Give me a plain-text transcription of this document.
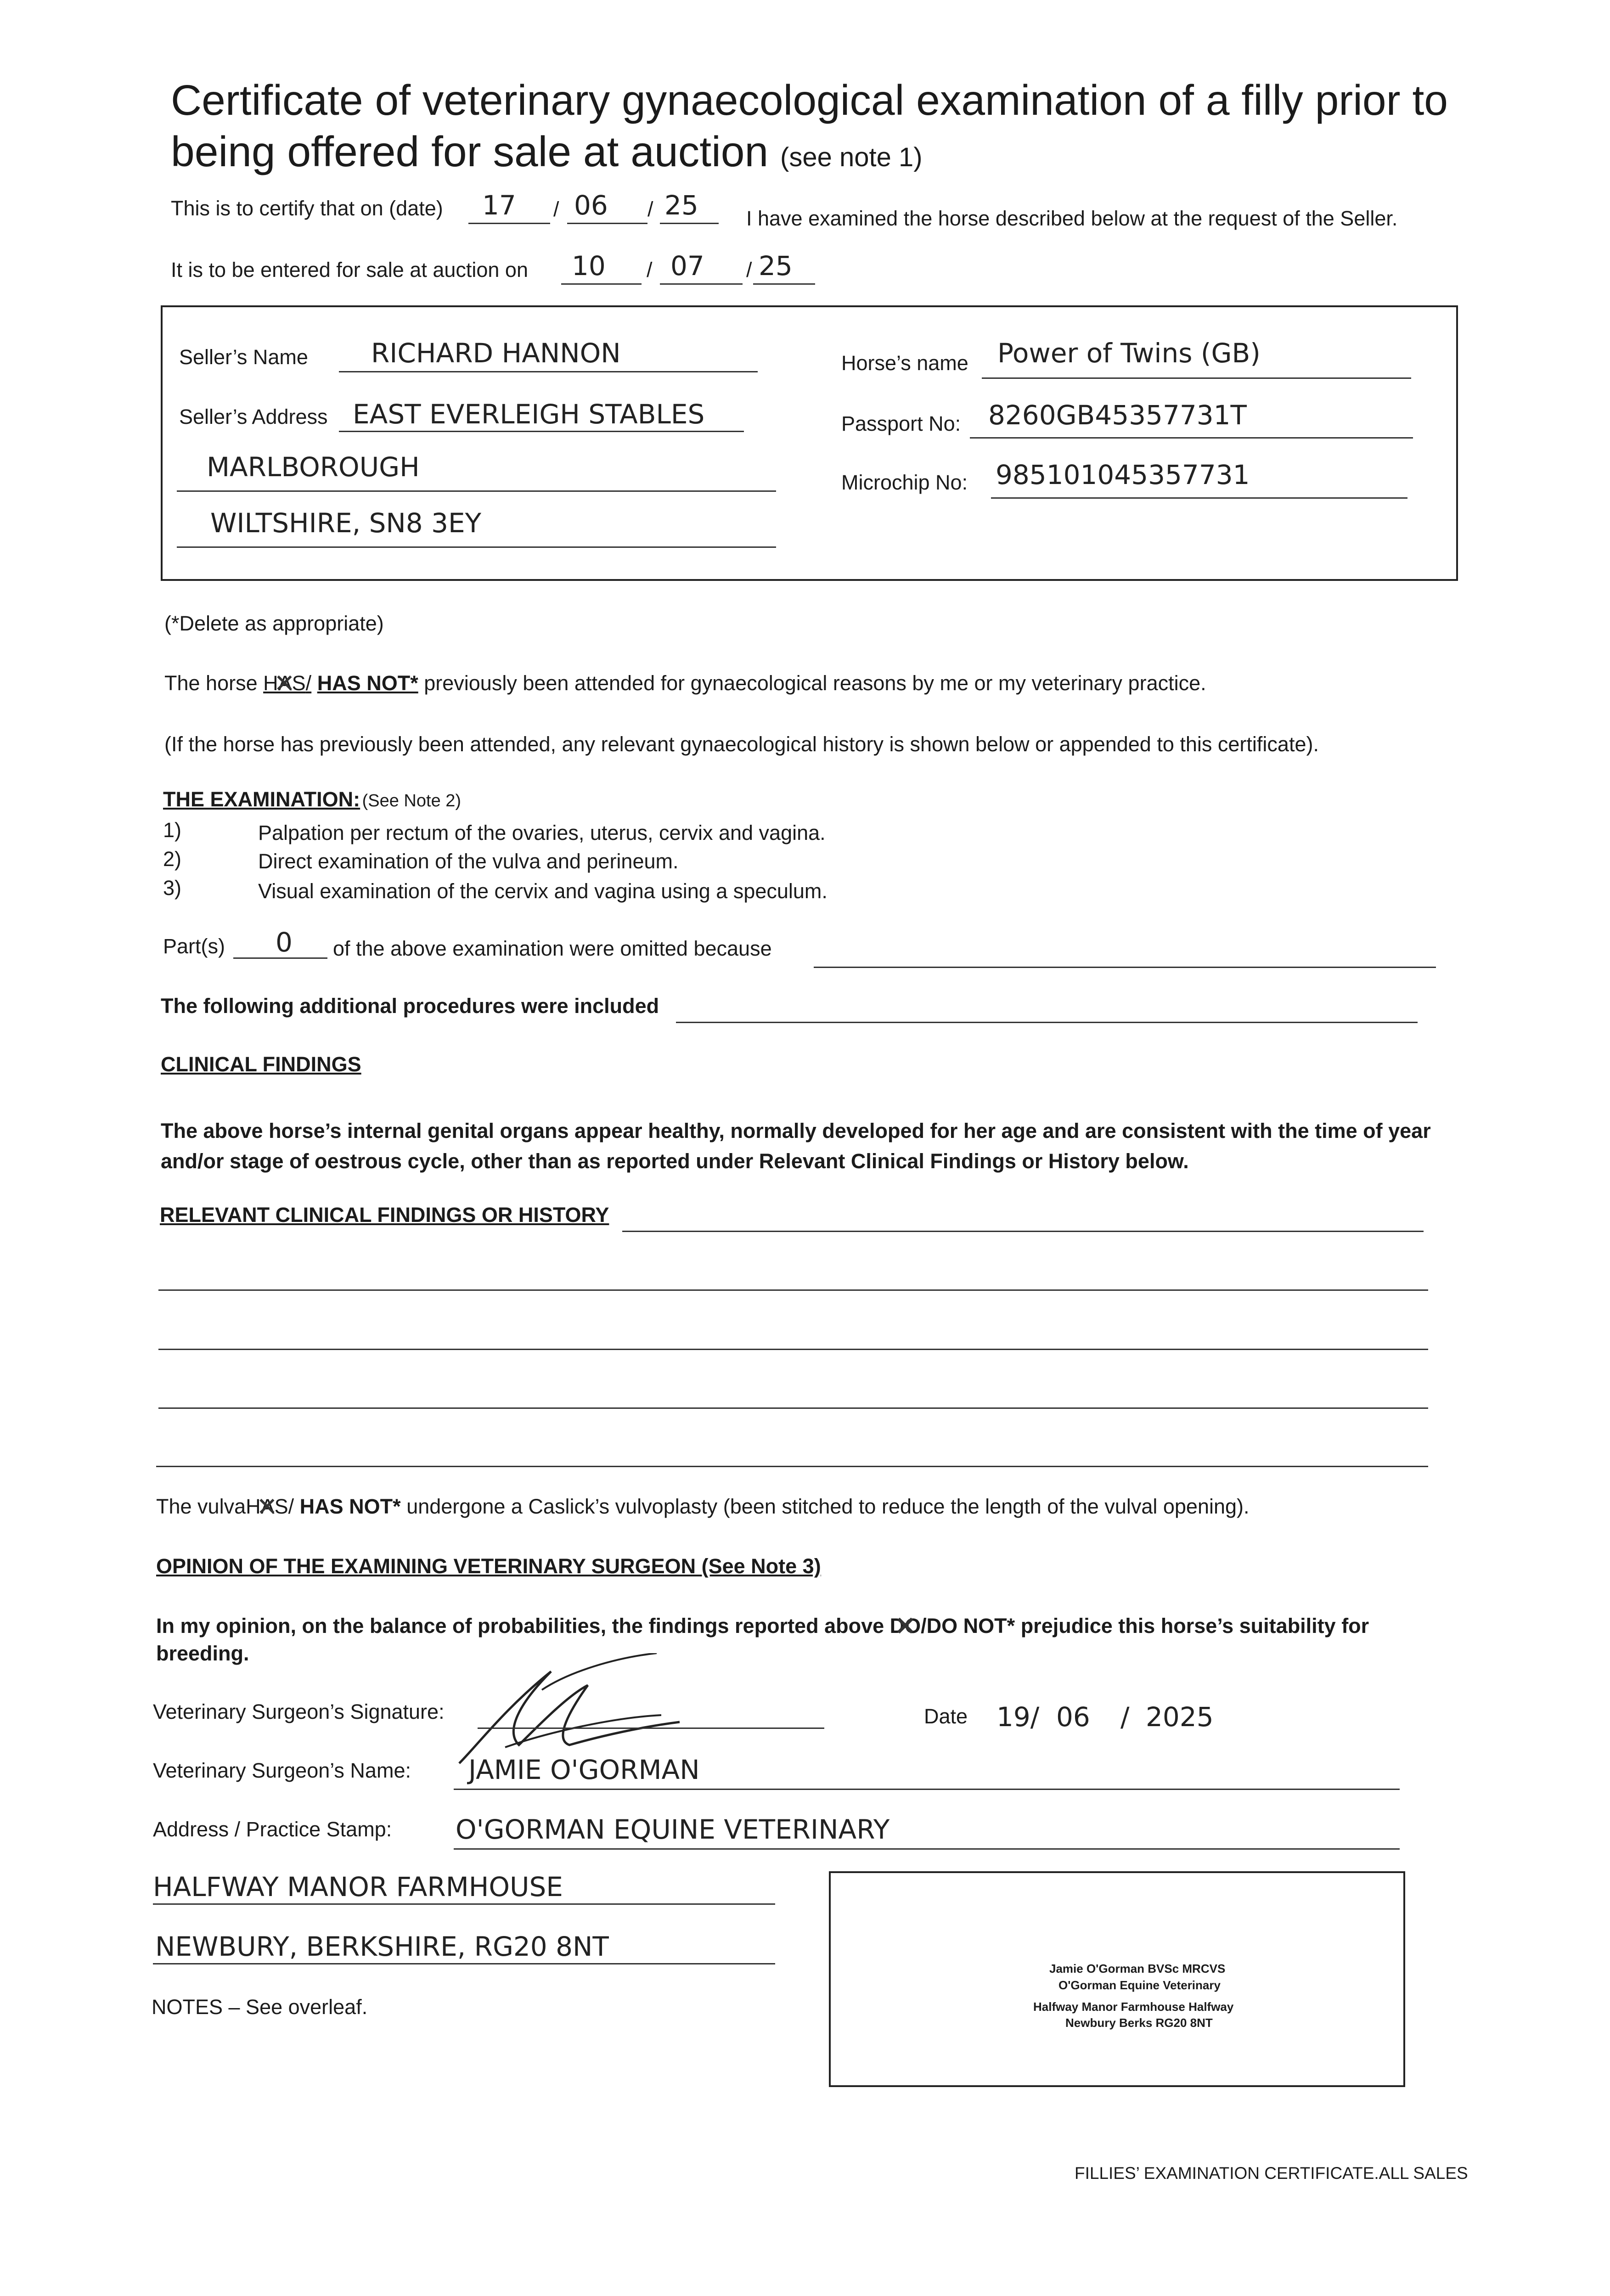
Certificate of veterinary gynaecological examination of a filly prior to
being offered for sale at auction (see note 1)
This is to certify that on (date) 17 / 06 / 25 I have examined the horse described below at the request of the Seller.
It is to be entered for sale at auction on 10 / 07 / 25
Seller’s Name RICHARD HANNON
Seller’s Address EAST EVERLEIGH STABLES
MARLBOROUGH
WILTSHIRE, SN8 3EY
Horse’s name Power of Twins (GB)
Passport No: 8260GB45357731T
Microchip No: 985101045357731
(*Delete as appropriate)
The horse HAS ✕/ HAS NOT* previously been attended for gynaecological reasons by me or my veterinary practice.
(If the horse has previously been attended, any relevant gynaecological history is shown below or appended to this certificate).
THE EXAMINATION: (See Note 2)
1)	Palpation per rectum of the ovaries, uterus, cervix and vagina.
2)	Direct examination of the vulva and perineum.
3)	Visual examination of the cervix and vagina using a speculum.
Part(s) 0 of the above examination were omitted because
The following additional procedures were included
CLINICAL FINDINGS
The above horse’s internal genital organs appear healthy, normally developed for her age and are consistent with the time of year
and/or stage of oestrous cycle, other than as reported under Relevant Clinical Findings or History below.
RELEVANT CLINICAL FINDINGS OR HISTORY
The vulvaHAS ✕/ HAS NOT* undergone a Caslick’s vulvoplasty (been stitched to reduce the length of the vulval opening).
OPINION OF THE EXAMINING VETERINARY SURGEON (See Note 3)
In my opinion, on the balance of probabilities, the findings reported above DO ✕/DO NOT* prejudice this horse’s suitability for
breeding.
Veterinary Surgeon’s Signature:	Date 19/ 06 / 2025
Veterinary Surgeon’s Name: JAMIE O'GORMAN
Address / Practice Stamp: O'GORMAN EQUINE VETERINARY
HALFWAY MANOR FARMHOUSE
NEWBURY, BERKSHIRE, RG20 8NT
Jamie O'Gorman BVSc MRCVS
O'Gorman Equine Veterinary
Halfway Manor Farmhouse Halfway
Newbury Berks RG20 8NT
NOTES – See overleaf.
FILLIES’ EXAMINATION CERTIFICATE.ALL SALES
